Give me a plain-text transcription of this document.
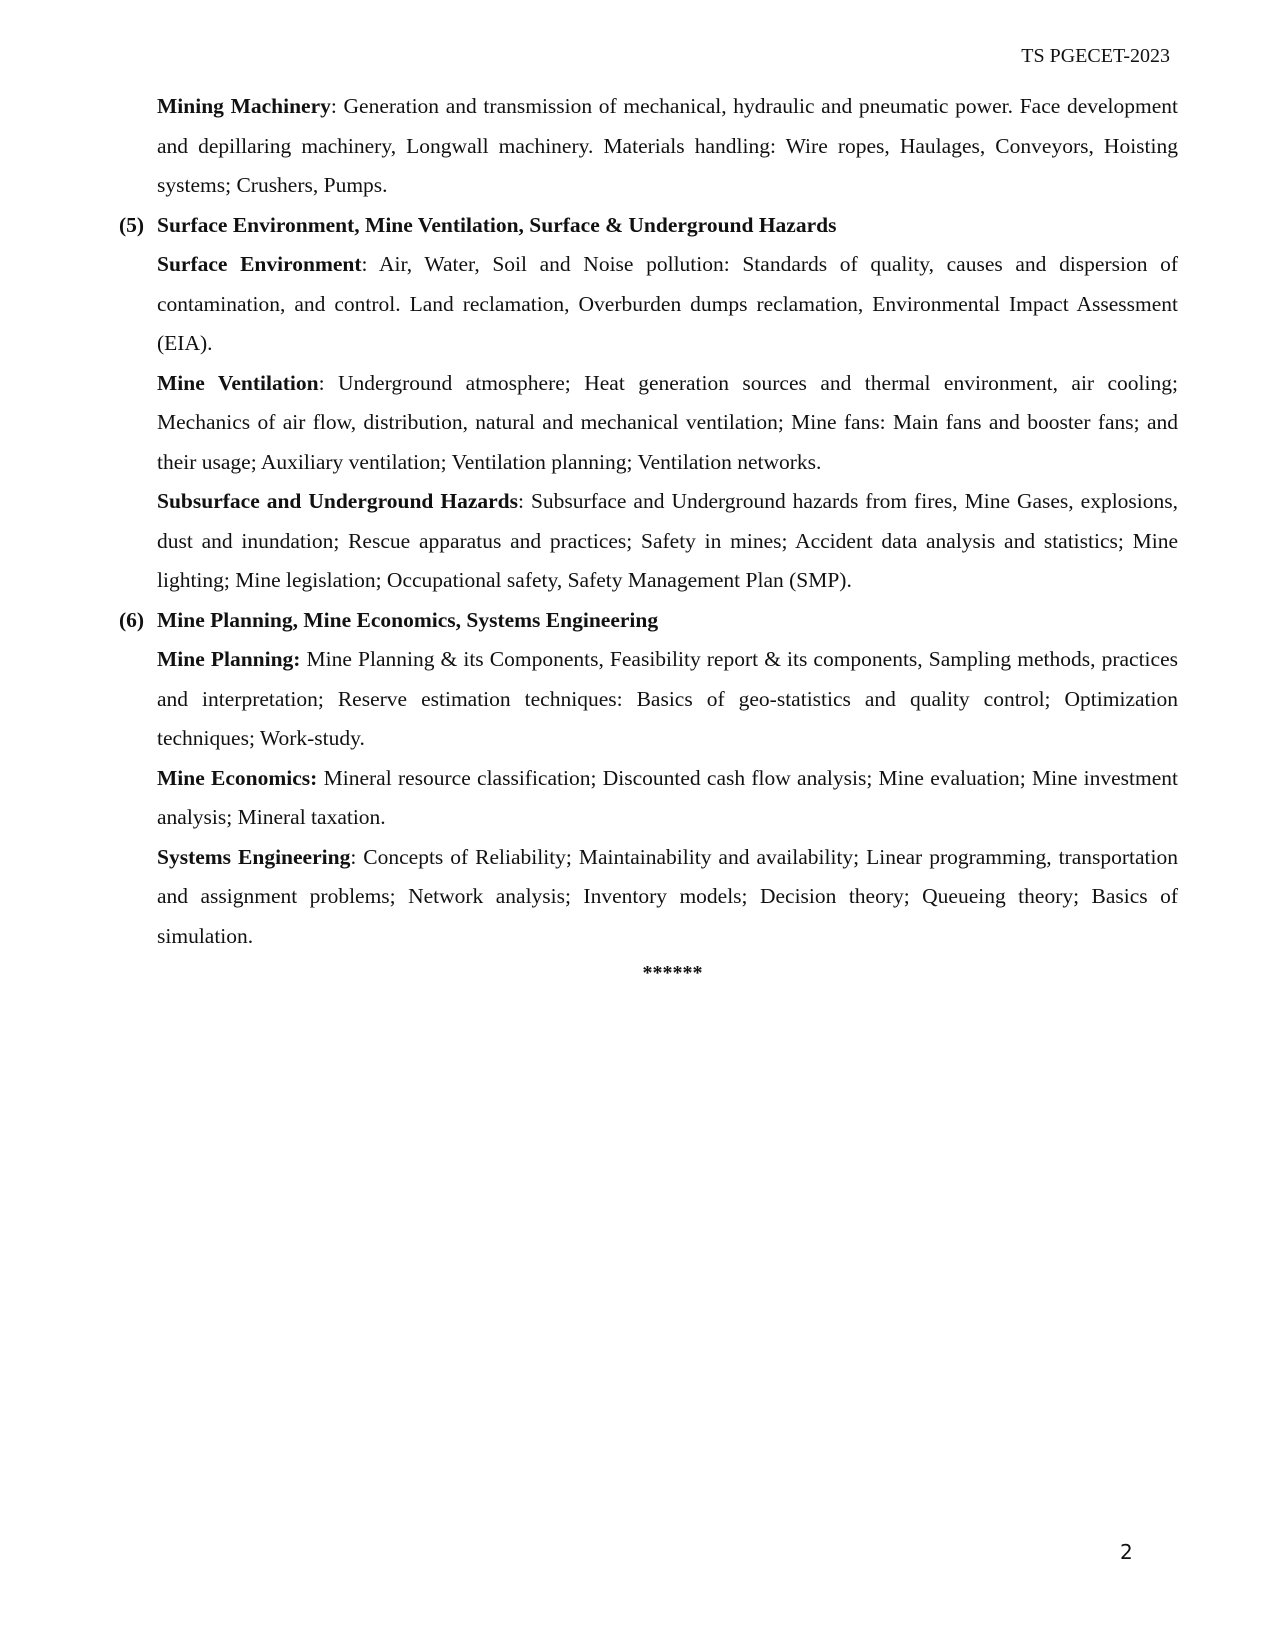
TS PGECET-2023

Mining Machinery: Generation and transmission of mechanical, hydraulic and pneumatic power. Face development and depillaring machinery, Longwall machinery. Materials handling: Wire ropes, Haulages, Conveyors, Hoisting systems; Crushers, Pumps.

(5) Surface Environment, Mine Ventilation, Surface & Underground Hazards

Surface Environment: Air, Water, Soil and Noise pollution: Standards of quality, causes and dispersion of contamination, and control. Land reclamation, Overburden dumps reclamation, Environmental Impact Assessment (EIA).

Mine Ventilation: Underground atmosphere; Heat generation sources and thermal environment, air cooling; Mechanics of air flow, distribution, natural and mechanical ventilation; Mine fans: Main fans and booster fans; and their usage; Auxiliary ventilation; Ventilation planning; Ventilation networks.

Subsurface and Underground Hazards: Subsurface and Underground hazards from fires, Mine Gases, explosions, dust and inundation; Rescue apparatus and practices; Safety in mines; Accident data analysis and statistics; Mine lighting; Mine legislation; Occupational safety, Safety Management Plan (SMP).

(6) Mine Planning, Mine Economics, Systems Engineering

Mine Planning: Mine Planning & its Components, Feasibility report & its components, Sampling methods, practices and interpretation; Reserve estimation techniques: Basics of geo-statistics and quality control; Optimization techniques; Work-study.

Mine Economics: Mineral resource classification; Discounted cash flow analysis; Mine evaluation; Mine investment analysis; Mineral taxation.

Systems Engineering: Concepts of Reliability; Maintainability and availability; Linear programming, transportation and assignment problems; Network analysis; Inventory models; Decision theory; Queueing theory; Basics of simulation.

******
2
